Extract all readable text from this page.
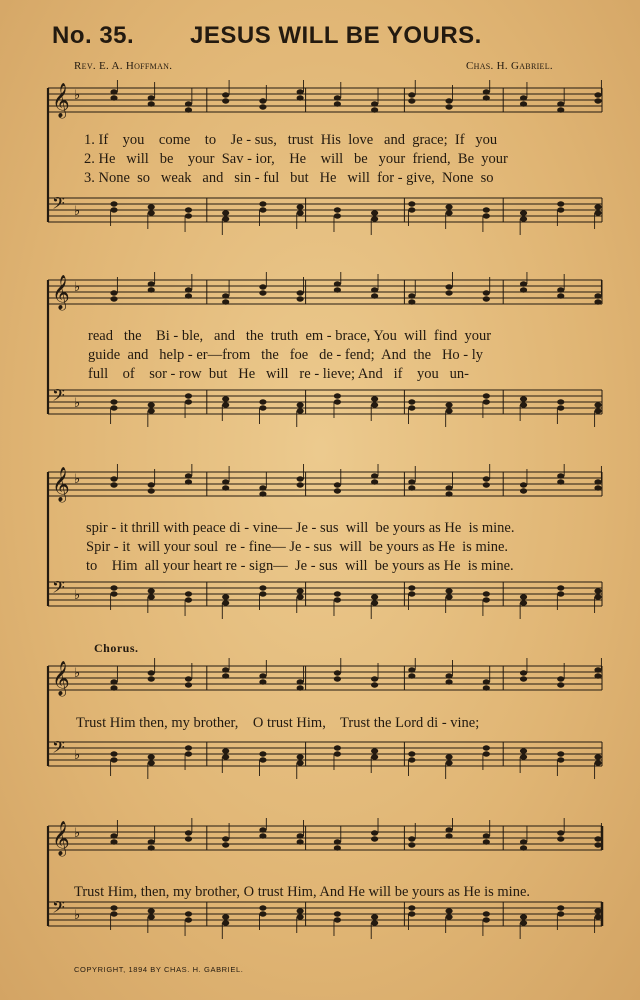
No. 35. JESUS WILL BE YOURS.
Rev. E. A. Hoffman.	Chas. H. Gabriel.
𝄞 ♭
𝄢 ♭
1. If    you    come    to    Je - sus,   trust  His  love   and  grace;  If   you
2. He   will   be    your  Sav - ior,    He    will   be   your  friend,  Be  your
3. None  so   weak   and   sin - ful   but   He   will  for - give,  None  so
𝄞 ♭
𝄢 ♭
read   the    Bi - ble,   and   the  truth  em - brace, You  will  find  your
guide  and   help - er—from   the   foe   de - fend;  And  the   Ho - ly
full    of    sor - row  but   He   will   re - lieve; And   if    you   un-
𝄞 ♭
𝄢 ♭
spir - it thrill with peace di - vine— Je - sus  will  be yours as He  is mine.
Spir - it  will your soul  re - fine— Je - sus  will  be yours as He  is mine.
to    Him  all your heart re - sign—  Je - sus  will  be yours as He  is mine.
Chorus.
𝄞 ♭
𝄢 ♭
Trust Him then, my brother,    O trust Him,    Trust the Lord di - vine;
𝄞 ♭
𝄢 ♭
Trust Him, then, my brother, O trust Him, And He will be yours as He is mine.
COPYRIGHT, 1894 BY CHAS. H. GABRIEL.
